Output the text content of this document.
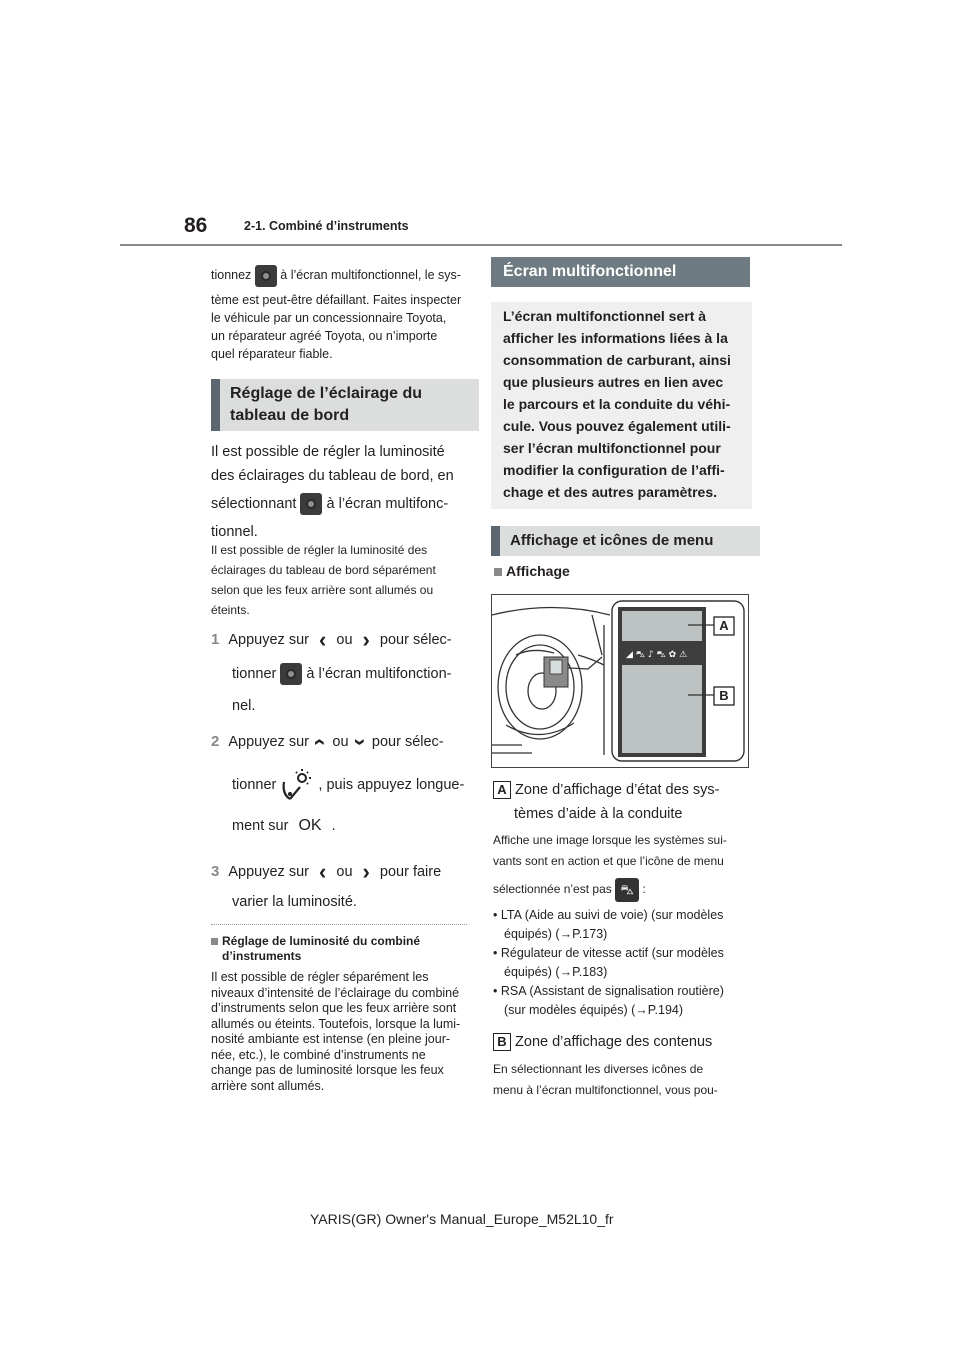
86	2-1. Combiné d’instruments
tionnez à l’écran multifonctionnel, le sys-
tème est peut-être défaillant. Faites inspecter
le véhicule par un concessionnaire Toyota,
un réparateur agréé Toyota, ou n’importe
quel réparateur fiable.
Réglage de l’éclairage du
tableau de bord
Il est possible de régler la luminosité
des éclairages du tableau de bord, en
sélectionnant à l’écran multifonc-
tionnel.
Il est possible de régler la luminosité des
éclairages du tableau de bord séparément
selon que les feux arrière sont allumés ou
éteints.
1 Appuyez sur ‹ ou › pour sélec-
tionner à l’écran multifonction-
nel.
2 Appuyez sur ‹ ou › pour sélec-
tionner	, puis appuyez longue-
ment sur OK .
3 Appuyez sur ‹ ou › pour faire
varier la luminosité.
Réglage de luminosité du combiné
d’instruments
Il est possible de régler séparément les
niveaux d’intensité de l’éclairage du combiné
d’instruments selon que les feux arrière sont
allumés ou éteints. Toutefois, lorsque la lumi-
nosité ambiante est intense (en pleine jour-
née, etc.), le combiné d’instruments ne
change pas de luminosité lorsque les feux
arrière sont allumés.
Écran multifonctionnel
L’écran multifonctionnel sert à
afficher les informations liées à la
consommation de carburant, ainsi
que plusieurs autres en lien avec
le parcours et la conduite du véhi-
cule. Vous pouvez également utili-
ser l’écran multifonctionnel pour
modifier la configuration de l’affi-
chage et des autres paramètres.
Affichage et icônes de menu
Affichage
◢ ⛍ ♪ ⛍ ✿ ⚠
A
B
A Zone d’affichage d’état des sys-
tèmes d’aide à la conduite
Affiche une image lorsque les systèmes sui-
vants sont en action et que l’icône de menu
sélectionnée n’est pas ⛍ :
• LTA (Aide au suivi de voie) (sur modèles
équipés) (→P.173)
• Régulateur de vitesse actif (sur modèles
équipés) (→P.183)
• RSA (Assistant de signalisation routière)
(sur modèles équipés) (→P.194)
B Zone d’affichage des contenus
En sélectionnant les diverses icônes de
menu à l’écran multifonctionnel, vous pou-
YARIS(GR) Owner's Manual_Europe_M52L10_fr
